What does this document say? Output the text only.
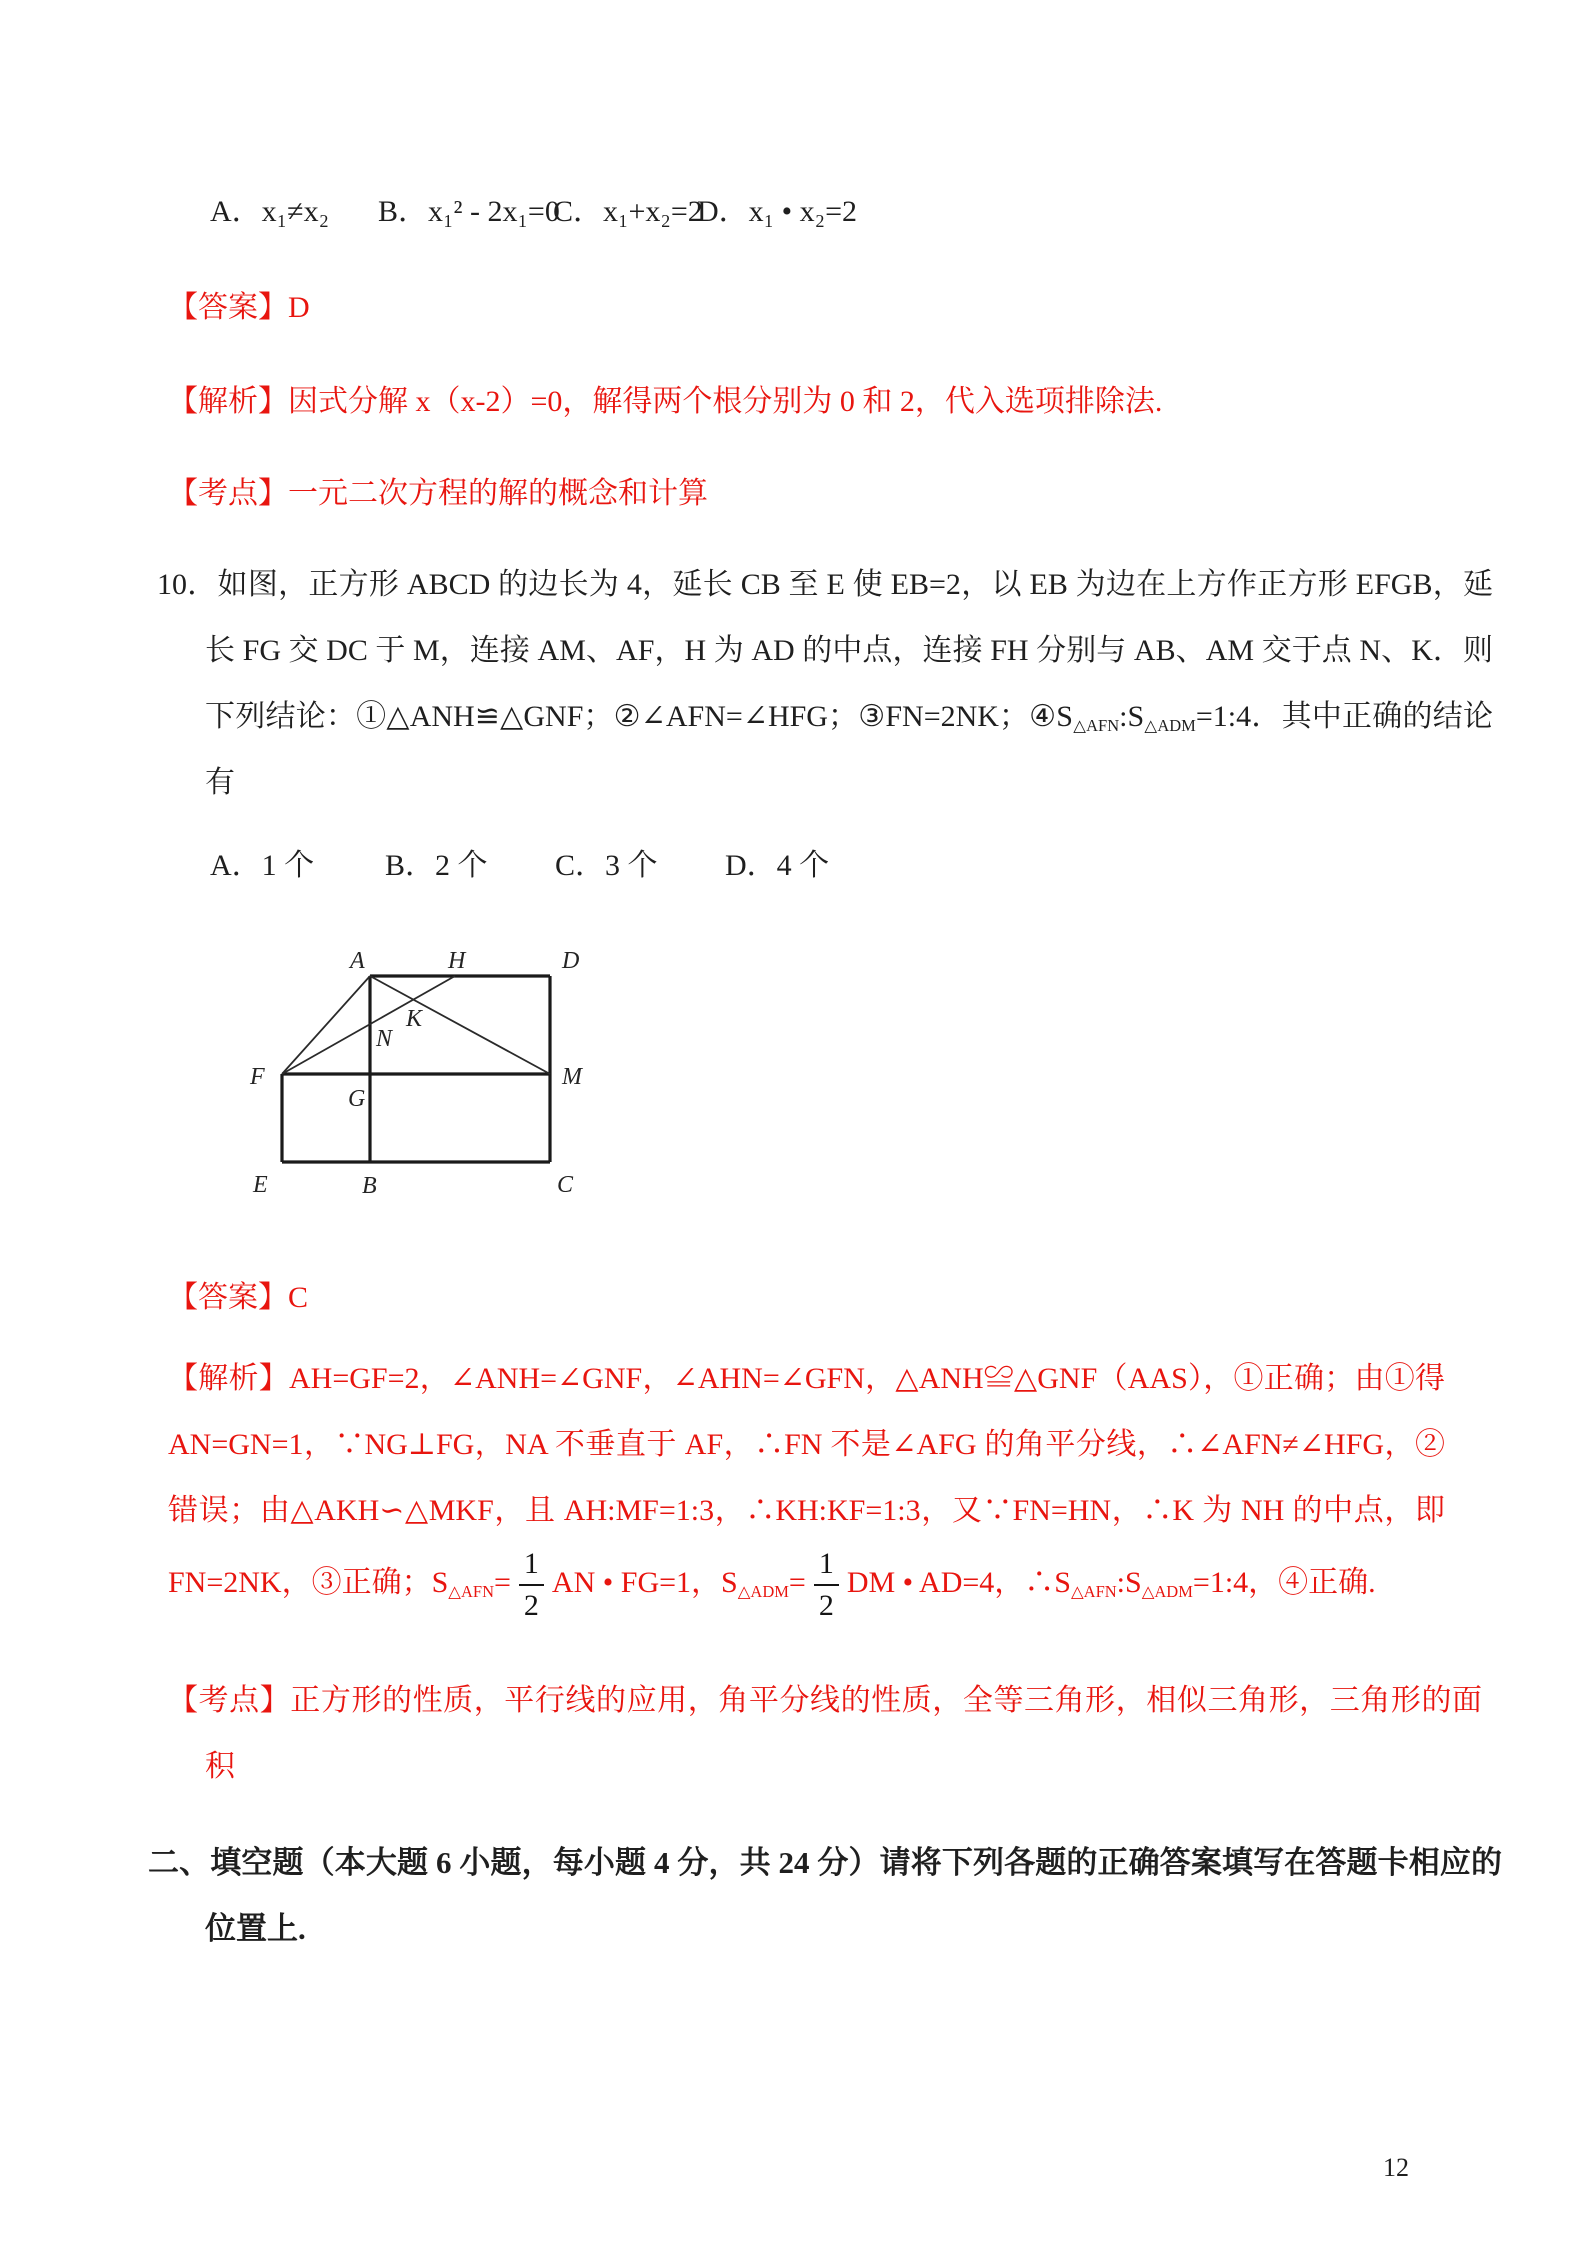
A．x₁≠x₂	B．x₁² - 2x₁=0
C．x₁+x₂=2
D．x₁ • x₂=2

【答案】D

【解析】因式分解 x（x-2）=0，解得两个根分别为 0 和 2，代入选项排除法.

【考点】一元二次方程的解的概念和计算

10．如图，正方形 ABCD 的边长为 4，延长 CB 至 E 使 EB=2，以 EB 为边在上方作正方形 EFGB，延长 FG 交 DC 于 M，连接 AM、AF，H 为 AD 的中点，连接 FH 分别与 AB、AM 交于点 N、K．则下列结论：①△ANH≌△GNF；②∠AFN=∠HFG；③FN=2NK；$④S_{\triangle AFN}:S_{\triangle ADM}=1:4$．其中正确的结论有

A．1 个	B．2 个	C．3 个	D．4 个
A	H	D
F
G
M
N
K
E	B	C

【答案】C

【解析】AH=GF=2，∠ANH=∠GNF，∠AHN=∠GFN，△ANH≌△GNF（AAS），①正确；由①得 AN=GN=1，∵NG⊥FG，NA 不垂直于 AF，∴FN 不是∠AFG 的角平分线，∴∠AFN≠∠HFG，②错误；由△AKH∽△MKF，且 AH:MF=1:3，∴KH:KF=1:3，又∵FN=HN，∴K 为 NH 的中点，即 FN=2NK，③正确；$S_{\triangle AFN}= \frac{1}{2}$ AN • FG=1，$S_{\triangle ADM}= \frac{1}{2}$ DM • AD=4，$\therefore S_{\triangle AFN}:S_{\triangle ADM}=1:4$，④正确.

【考点】正方形的性质，平行线的应用，角平分线的性质，全等三角形，相似三角形，三角形的面积

二、填空题（本大题 6 小题，每小题 4 分，共 24 分）请将下列各题的正确答案填写在答题卡相应的位置上.

12
